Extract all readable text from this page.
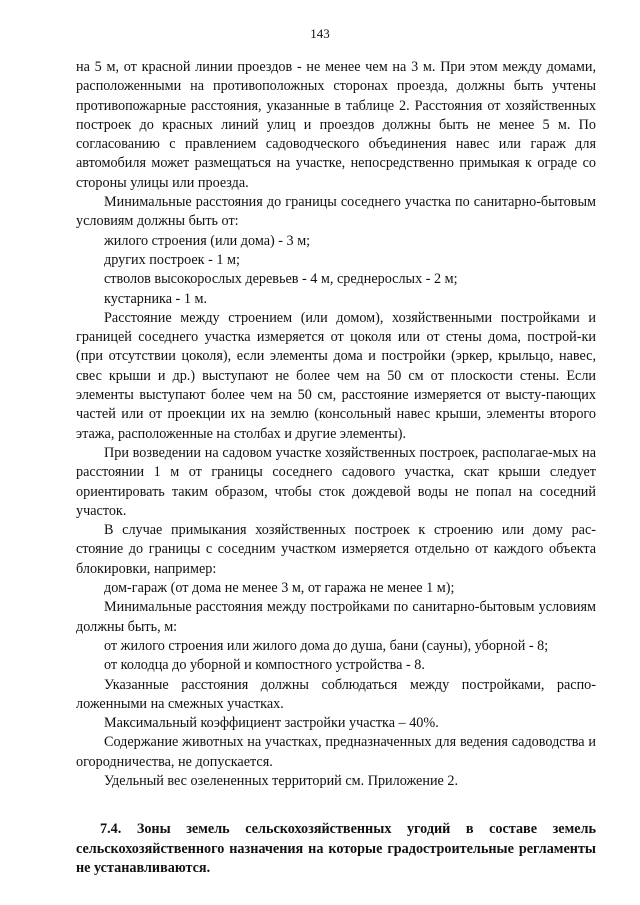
143

на 5 м, от красной линии проездов - не менее чем на 3 м. При этом между домами, расположенными на противоположных сторонах проезда, должны быть учтены противопожарные расстояния, указанные в таблице 2. Расстояния от хозяйственных построек до красных линий улиц и проездов должны быть не менее 5 м. По согласованию с правлением садоводческого объединения навес или гараж для автомобиля может размещаться на участке, непосредственно примыкая к ограде со стороны улицы или проезда.

Минимальные расстояния до границы соседнего участка по санитарно-бытовым условиям должны быть от:

жилого строения (или дома) - 3 м;

других построек - 1 м;

стволов высокорослых деревьев - 4 м, среднерослых - 2 м;

кустарника - 1 м.

Расстояние между строением (или домом), хозяйственными постройками и границей соседнего участка измеряется от цоколя или от стены дома, построй-ки (при отсутствии цоколя), если элементы дома и постройки (эркер, крыльцо, навес, свес крыши и др.) выступают не более чем на 50 см от плоскости стены. Если элементы выступают более чем на 50 см, расстояние измеряется от высту-пающих частей или от проекции их на землю (консольный навес крыши, элементы второго этажа, расположенные на столбах и другие элементы).

При возведении на садовом участке хозяйственных построек, располагае-мых на расстоянии 1 м от границы соседнего садового участка, скат крыши следует ориентировать таким образом, чтобы сток дождевой воды не попал на соседний участок.

В случае примыкания хозяйственных построек к строению или дому рас-стояние до границы с соседним участком измеряется отдельно от каждого объекта блокировки, например:

дом-гараж (от дома не менее 3 м, от гаража не менее 1 м);

Минимальные расстояния между постройками по санитарно-бытовым условиям должны быть, м:

от жилого строения или жилого дома до душа, бани (сауны), уборной - 8;

от колодца до уборной и компостного устройства - 8.

Указанные расстояния должны соблюдаться между постройками, распо-ложенными на смежных участках.

Максимальный коэффициент застройки участка – 40%.

Содержание животных на участках, предназначенных для ведения садоводства и огородничества, не допускается.

Удельный вес озелененных территорий см. Приложение 2.

7.4. Зоны земель сельскохозяйственных угодий в составе земель сельскохозяйственного назначения на которые градостроительные регламенты не устанавливаются.
